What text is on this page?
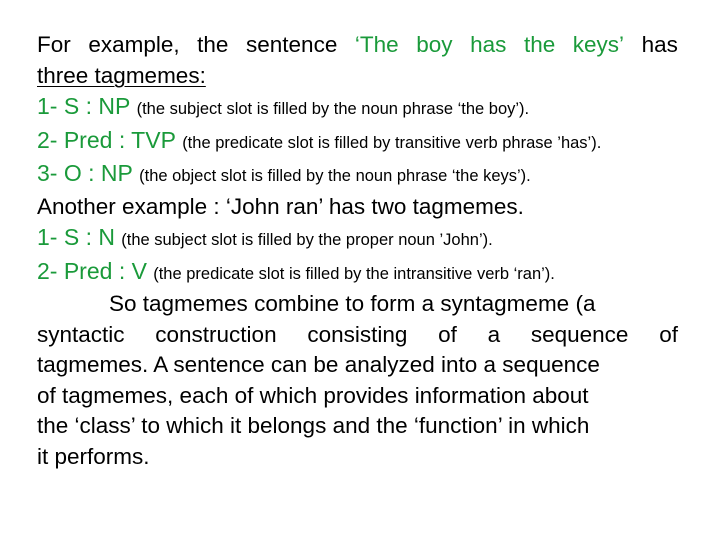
For example, the sentence ‘The boy has the keys’ has
three tagmemes:
1- S : NP (the subject slot is filled by the noun phrase ‘the boy’).
2- Pred : TVP (the predicate slot is filled by transitive verb phrase ’has’).
3- O : NP (the object slot is filled by the noun phrase ‘the keys’).
Another example : ‘John ran’ has two tagmemes.
1- S : N (the subject slot is filled by the proper noun ’John’).
2- Pred : V (the predicate slot is filled by the intransitive verb ‘ran’).
So tagmemes combine to form a syntagmeme (a
syntactic construction consisting of a sequence of
tagmemes. A sentence can be analyzed into a sequence
of tagmemes, each of which provides information about
the ‘class’ to which it belongs and the ‘function’ in which
it performs.
